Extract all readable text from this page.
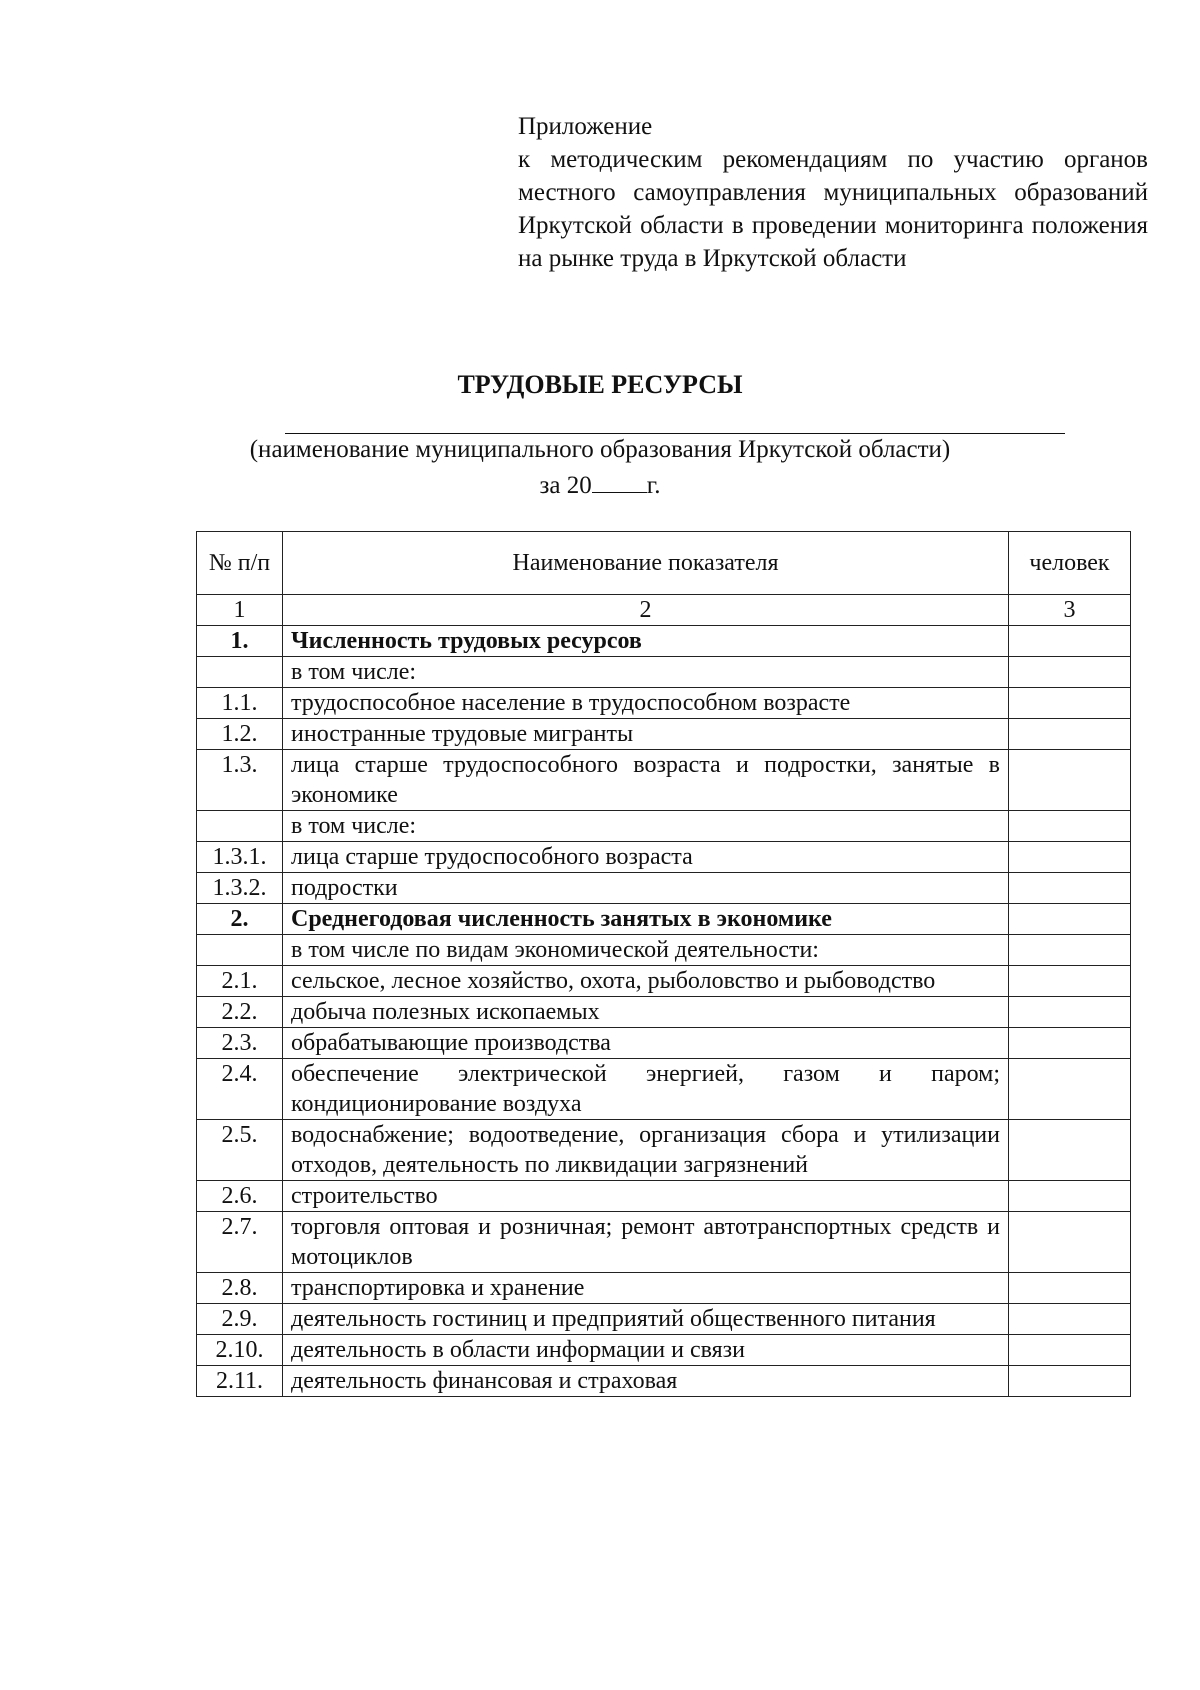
Приложение
к методическим рекомендациям по участию органов местного самоуправления муниципальных образований Иркутской области в проведении мониторинга положения на рынке труда в Иркутской области
ТРУДОВЫЕ РЕСУРСЫ
(наименование муниципального образования Иркутской области)
за 20 г.
№ п/п	Наименование показателя	человек
1	2	3
1.	Численность трудовых ресурсов	
	в том числе:	
1.1.	трудоспособное население в трудоспособном возрасте	
1.2.	иностранные трудовые мигранты	
1.3.	лица старше трудоспособного возраста и подростки, занятые в экономике	
	в том числе:	
1.3.1.	лица старше трудоспособного возраста	
1.3.2.	подростки	
2.	Среднегодовая численность занятых в экономике	
	в том числе по видам экономической деятельности:	
2.1.	сельское, лесное хозяйство, охота, рыболовство и рыбоводство	
2.2.	добыча полезных ископаемых	
2.3.	обрабатывающие производства	
2.4.	обеспечение электрической энергией, газом и паром; кондиционирование воздуха	
2.5.	водоснабжение; водоотведение, организация сбора и утилизации отходов, деятельность по ликвидации загрязнений	
2.6.	строительство	
2.7.	торговля оптовая и розничная; ремонт автотранспортных средств и мотоциклов	
2.8.	транспортировка и хранение	
2.9.	деятельность гостиниц и предприятий общественного питания	
2.10.	деятельность в области информации и связи	
2.11.	деятельность финансовая и страховая	
